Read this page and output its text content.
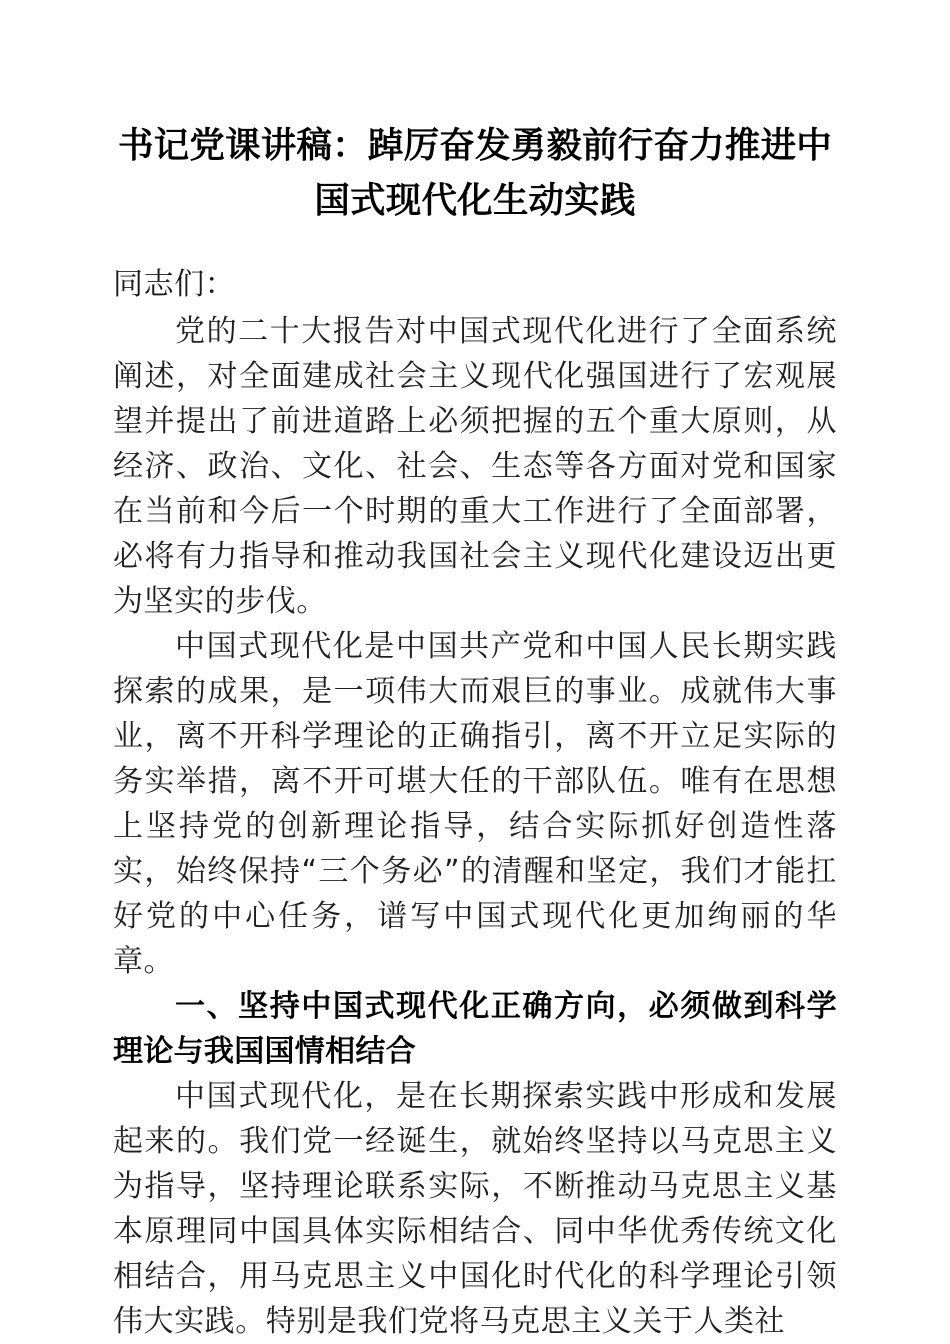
书记党课讲稿：踔厉奋发勇毅前行奋力推进中国式现代化生动实践

同志们：

党的二十大报告对中国式现代化进行了全面系统阐述，对全面建成社会主义现代化强国进行了宏观展望并提出了前进道路上必须把握的五个重大原则，从经济、政治、文化、社会、生态等各方面对党和国家在当前和今后一个时期的重大工作进行了全面部署，必将有力指导和推动我国社会主义现代化建设迈出更为坚实的步伐。

中国式现代化是中国共产党和中国人民长期实践探索的成果，是一项伟大而艰巨的事业。成就伟大事业，离不开科学理论的正确指引，离不开立足实际的务实举措，离不开可堪大任的干部队伍。唯有在思想上坚持党的创新理论指导，结合实际抓好创造性落实，始终保持“三个务必”的清醒和坚定，我们才能扛好党的中心任务，谱写中国式现代化更加绚丽的华章。

一、坚持中国式现代化正确方向，必须做到科学理论与我国国情相结合

中国式现代化，是在长期探索实践中形成和发展起来的。我们党一经诞生，就始终坚持以马克思主义为指导，坚持理论联系实际，不断推动马克思主义基本原理同中国具体实际相结合、同中华优秀传统文化相结合，用马克思主义中国化时代化的科学理论引领伟大实践。特别是我们党将马克思主义关于人类社
